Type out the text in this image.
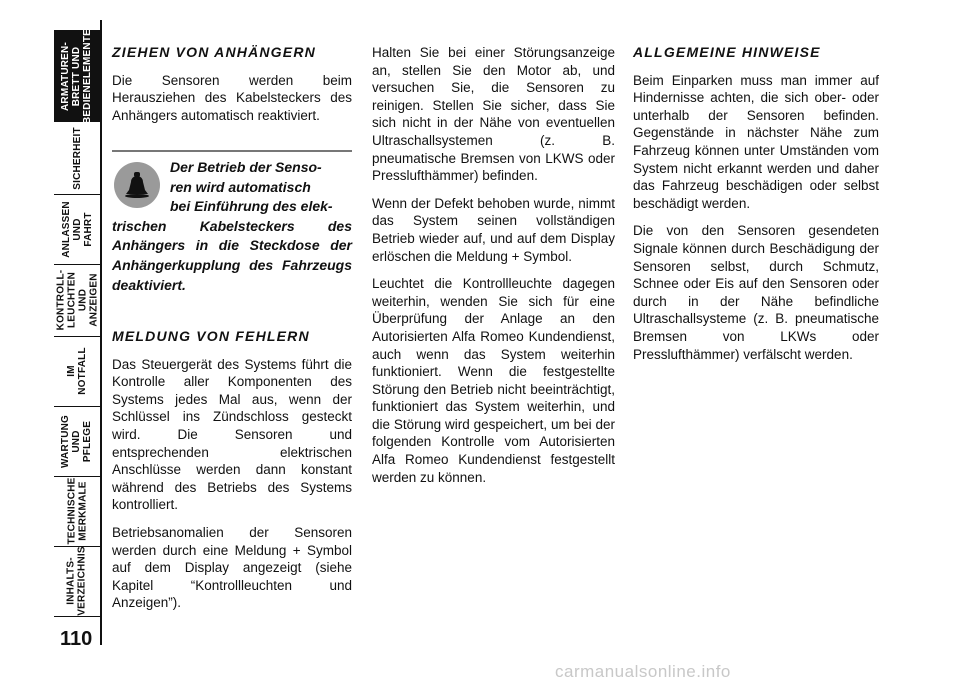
ARMATUREN-
BRETT UND
BEDIENELEMENTE
SICHERHEIT
ANLASSEN
UND FAHRT
KONTROLL-
LEUCHTEN
UND ANZEIGEN
IM NOTFALL
WARTUNG
UND PFLEGE
TECHNISCHE
MERKMALE
INHALTS-
VERZEICHNIS
110
ZIEHEN VON ANHÄNGERN

Die Sensoren werden beim Herausziehen des Kabelsteckers des Anhängers automatisch reaktiviert.

Der Betrieb der Senso-
ren wird automatisch
bei Einführung des elek-
trischen Kabelsteckers des Anhängers in die Steckdose der Anhängerkupplung des Fahrzeugs deaktiviert.
MELDUNG VON FEHLERN

Das Steuergerät des Systems führt die Kontrolle aller Komponenten des Systems jedes Mal aus, wenn der Schlüssel ins Zündschloss gesteckt wird. Die Sensoren und entsprechenden elektrischen Anschlüsse werden dann konstant während des Betriebs des Systems kontrolliert.

Betriebsanomalien der Sensoren werden durch eine Meldung + Symbol auf dem Display angezeigt (siehe Kapitel “Kontrollleuchten und Anzeigen”).

Halten Sie bei einer Störungsanzeige an, stellen Sie den Motor ab, und versuchen Sie, die Sensoren zu reinigen. Stellen Sie sicher, dass Sie sich nicht in der Nähe von eventuellen Ultraschallsystemen (z. B. pneumatische Bremsen von LKWS oder Presslufthämmer) befinden.

Wenn der Defekt behoben wurde, nimmt das System seinen vollständigen Betrieb wieder auf, und auf dem Display erlöschen die Meldung + Symbol.

Leuchtet die Kontrollleuchte dagegen weiterhin, wenden Sie sich für eine Überprüfung der Anlage an den Autorisierten Alfa Romeo Kundendienst, auch wenn das System weiterhin funktioniert. Wenn die festgestellte Störung den Betrieb nicht beeinträchtigt, funktioniert das System weiterhin, und die Störung wird gespeichert, um bei der folgenden Kontrolle vom Autorisierten Alfa Romeo Kundendienst festgestellt werden zu können.

ALLGEMEINE HINWEISE

Beim Einparken muss man immer auf Hindernisse achten, die sich ober- oder unterhalb der Sensoren befinden. Gegenstände in nächster Nähe zum Fahrzeug können unter Umständen vom System nicht erkannt werden und daher das Fahrzeug beschädigen oder selbst beschädigt werden.

Die von den Sensoren gesendeten Signale können durch Beschädigung der Sensoren selbst, durch Schmutz, Schnee oder Eis auf den Sensoren oder durch in der Nähe befindliche Ultraschallsysteme (z. B. pneumatische Bremsen von LKWs oder Presslufthämmer) verfälscht werden.

carmanualsonline.info
